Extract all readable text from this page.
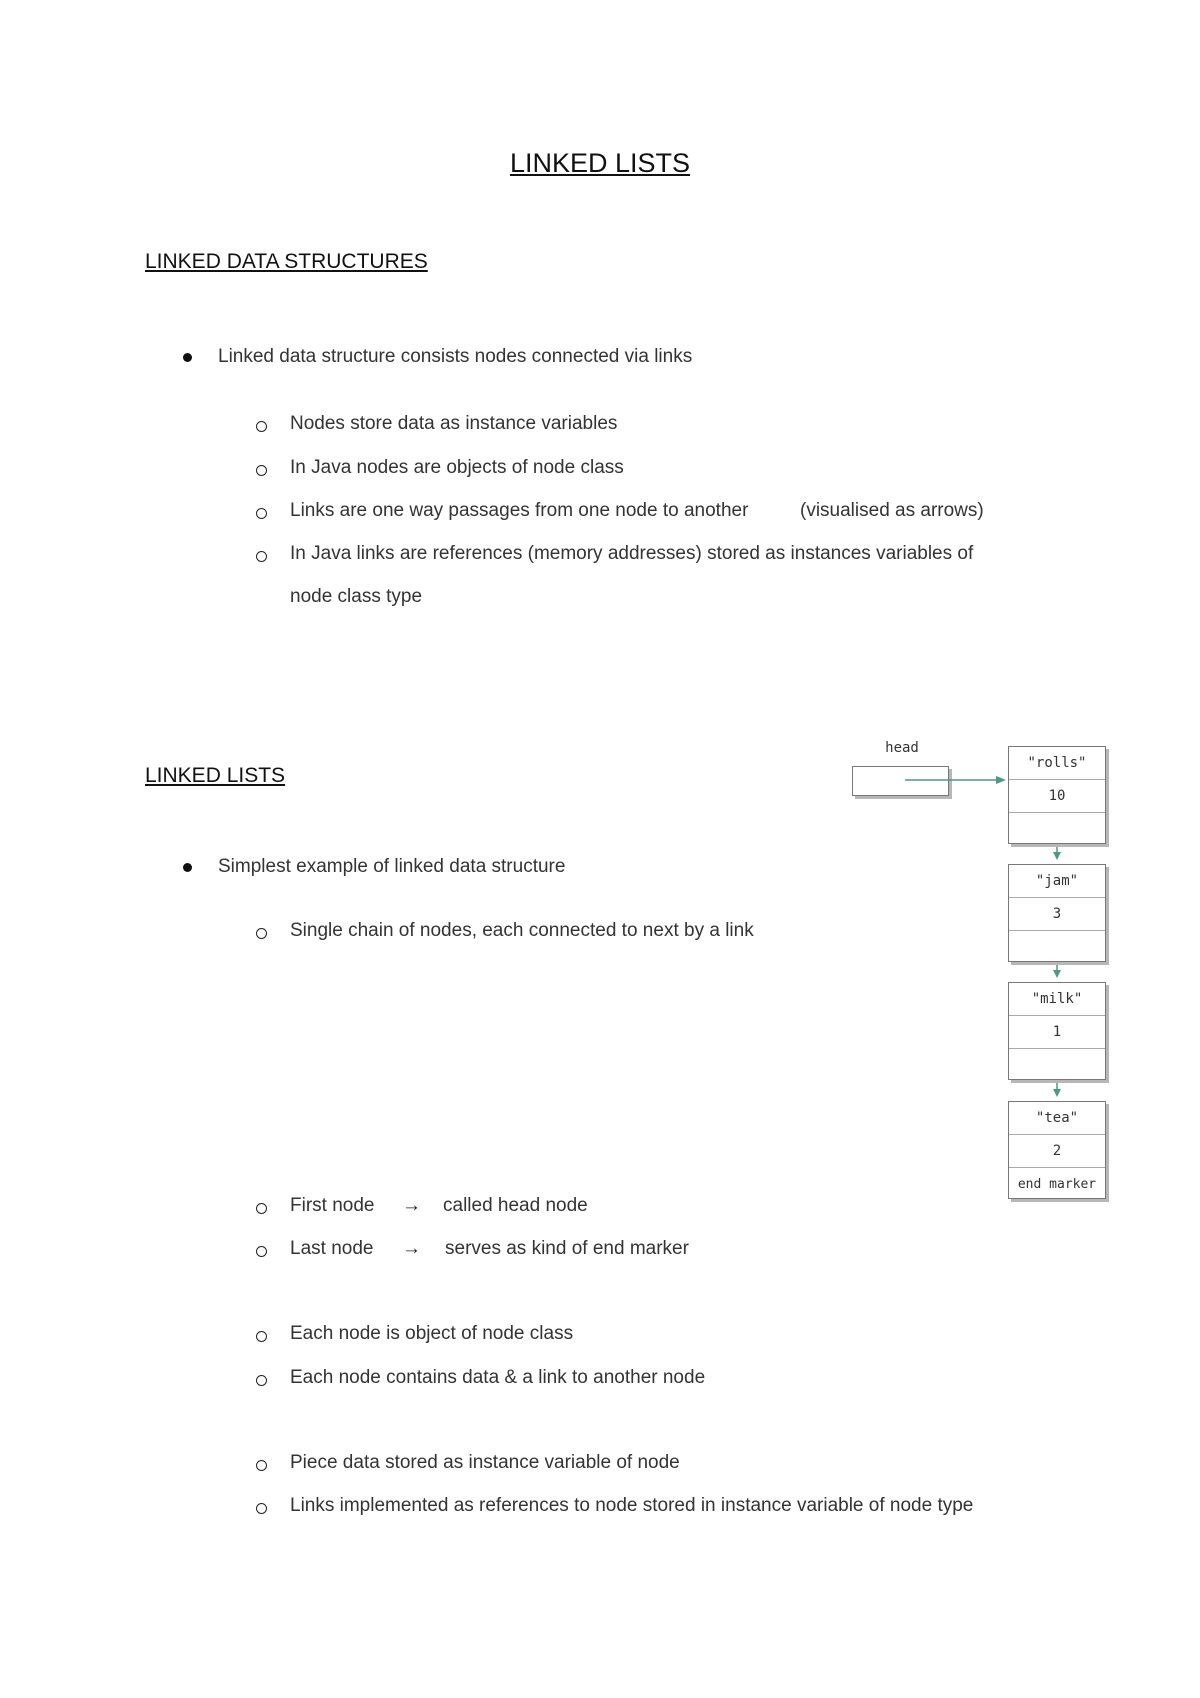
LINKED LISTS
LINKED DATA STRUCTURES
Linked data structure consists nodes connected via links
Nodes store data as instance variables
In Java nodes are objects of node class
Links are one way passages from one node to another	(visualised as arrows)
In Java links are references (memory addresses) stored as instances variables of
node class type
LINKED LISTS
Simplest example of linked data structure
Single chain of nodes, each connected to next by a link
First node → called head node
Last node → serves as kind of end marker
Each node is object of node class
Each node contains data & a link to another node
Piece data stored as instance variable of node
Links implemented as references to node stored in instance variable of node type
head
"rolls"
10
"jam"
3
"milk"
1
"tea"
2
end marker
